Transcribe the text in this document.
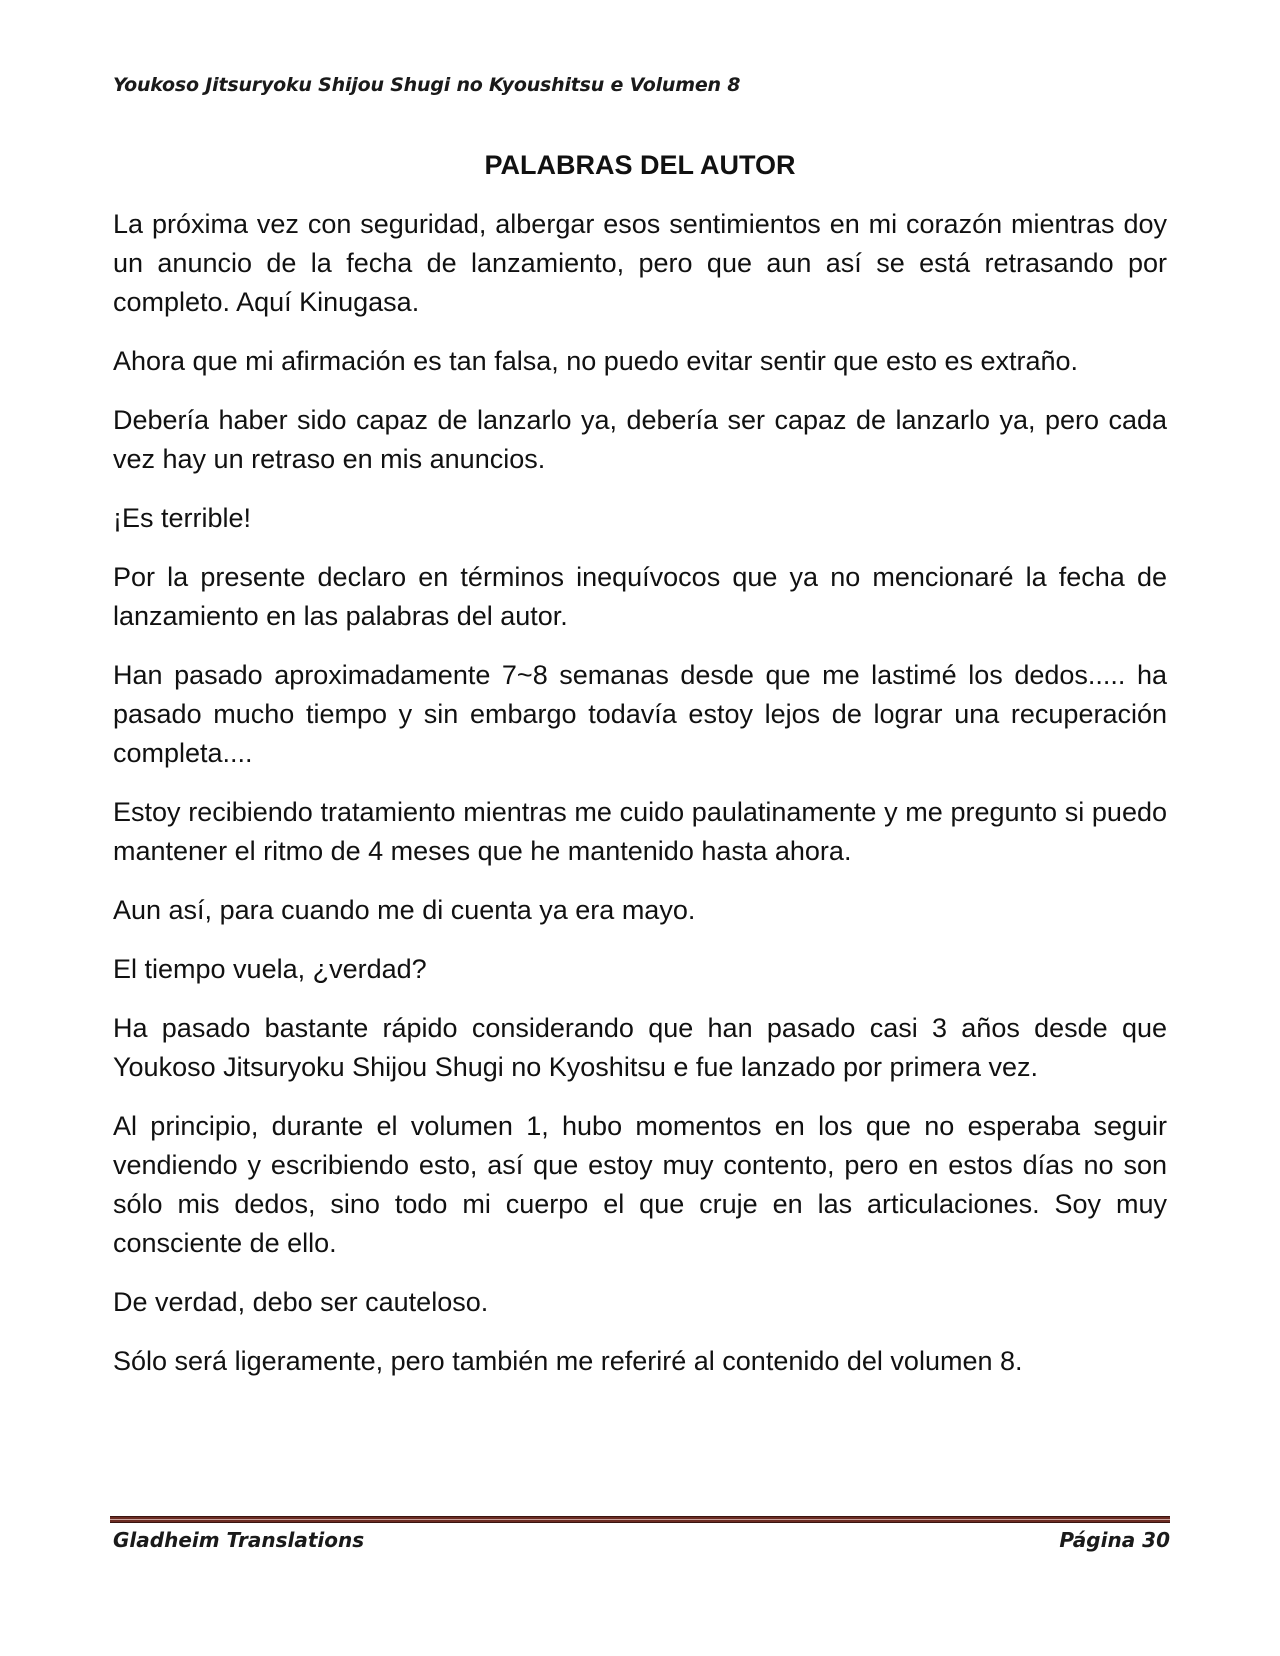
Youkoso Jitsuryoku Shijou Shugi no Kyoushitsu e Volumen 8
PALABRAS DEL AUTOR

La próxima vez con seguridad, albergar esos sentimientos en mi corazón mientras doy un anuncio de la fecha de lanzamiento, pero que aun así se está retrasando por completo. Aquí Kinugasa.

Ahora que mi afirmación es tan falsa, no puedo evitar sentir que esto es extraño.

Debería haber sido capaz de lanzarlo ya, debería ser capaz de lanzarlo ya, pero cada vez hay un retraso en mis anuncios.

¡Es terrible!

Por la presente declaro en términos inequívocos que ya no mencionaré la fecha de lanzamiento en las palabras del autor.

Han pasado aproximadamente 7~8 semanas desde que me lastimé los dedos..... ha pasado mucho tiempo y sin embargo todavía estoy lejos de lograr una recuperación completa....

Estoy recibiendo tratamiento mientras me cuido paulatinamente y me pregunto si puedo mantener el ritmo de 4 meses que he mantenido hasta ahora.

Aun así, para cuando me di cuenta ya era mayo.

El tiempo vuela, ¿verdad?

Ha pasado bastante rápido considerando que han pasado casi 3 años desde que Youkoso Jitsuryoku Shijou Shugi no Kyoshitsu e fue lanzado por primera vez.

Al principio, durante el volumen 1, hubo momentos en los que no esperaba seguir vendiendo y escribiendo esto, así que estoy muy contento, pero en estos días no son sólo mis dedos, sino todo mi cuerpo el que cruje en las articulaciones. Soy muy consciente de ello.

De verdad, debo ser cauteloso.

Sólo será ligeramente, pero también me referiré al contenido del volumen 8.

Gladheim Translations	Página 30
